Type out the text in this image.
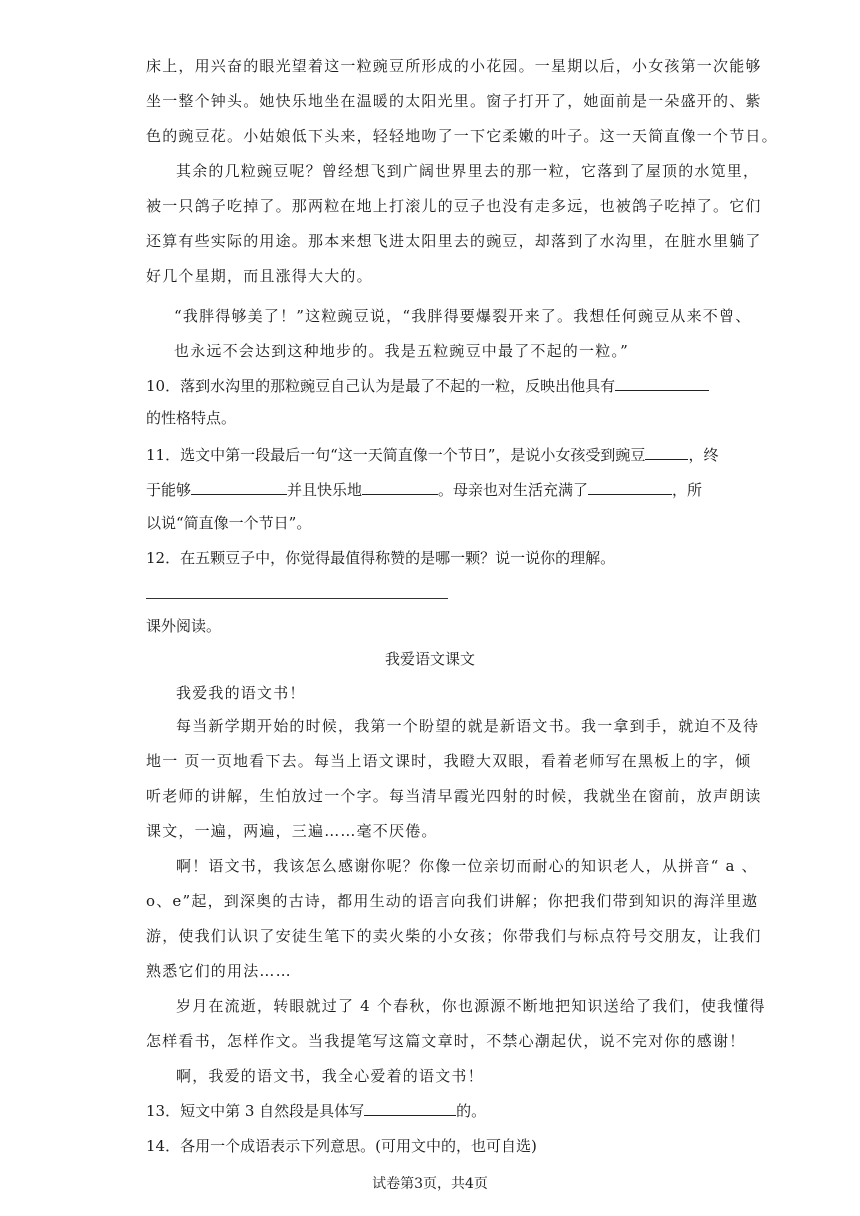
床上，用兴奋的眼光望着这一粒豌豆所形成的小花园。一星期以后，小女孩第一次能够
坐一整个钟头。她快乐地坐在温暖的太阳光里。窗子打开了，她面前是一朵盛开的、紫
色的豌豆花。小姑娘低下头来，轻轻地吻了一下它柔嫩的叶子。这一天简直像一个节日。
其余的几粒豌豆呢？曾经想飞到广阔世界里去的那一粒，它落到了屋顶的水笕里，
被一只鸽子吃掉了。那两粒在地上打滚儿的豆子也没有走多远，也被鸽子吃掉了。它们
还算有些实际的用途。那本来想飞进太阳里去的豌豆，却落到了水沟里，在脏水里躺了
好几个星期，而且涨得大大的。
“我胖得够美了！”这粒豌豆说，“我胖得要爆裂开来了。我想任何豌豆从来不曾、
也永远不会达到这种地步的。我是五粒豌豆中最了不起的一粒。”
10．落到水沟里的那粒豌豆自己认为是最了不起的一粒，反映出他具有
的性格特点。
11．选文中第一段最后一句“这一天简直像一个节日”，是说小女孩受到豌豆	，终
于能够	并且快乐地	。母亲也对生活充满了	，所
以说“简直像一个节日”。
12．在五颗豆子中，你觉得最值得称赞的是哪一颗？说一说你的理解。
课外阅读。
我爱语文课文
我爱我的语文书！
每当新学期开始的时候，我第一个盼望的就是新语文书。我一拿到手，就迫不及待
地一 页一页地看下去。每当上语文课时，我瞪大双眼，看着老师写在黑板上的字，倾
听老师的讲解，生怕放过一个字。每当清早霞光四射的时候，我就坐在窗前，放声朗读
课文，一遍，两遍，三遍……毫不厌倦。
啊！语文书，我该怎么感谢你呢？你像一位亲切而耐心的知识老人，从拼音“ a 、
o、e”起，到深奥的古诗，都用生动的语言向我们讲解；你把我们带到知识的海洋里遨
游，使我们认识了安徒生笔下的卖火柴的小女孩；你带我们与标点符号交朋友，让我们
熟悉它们的用法……
岁月在流逝，转眼就过了 4 个春秋，你也源源不断地把知识送给了我们，使我懂得
怎样看书，怎样作文。当我提笔写这篇文章时，不禁心潮起伏，说不完对你的感谢！
啊，我爱的语文书，我全心爱着的语文书！
13．短文中第 3 自然段是具体写	的。
14．各用一个成语表示下列意思。(可用文中的，也可自选)
试卷第3页，共4页
